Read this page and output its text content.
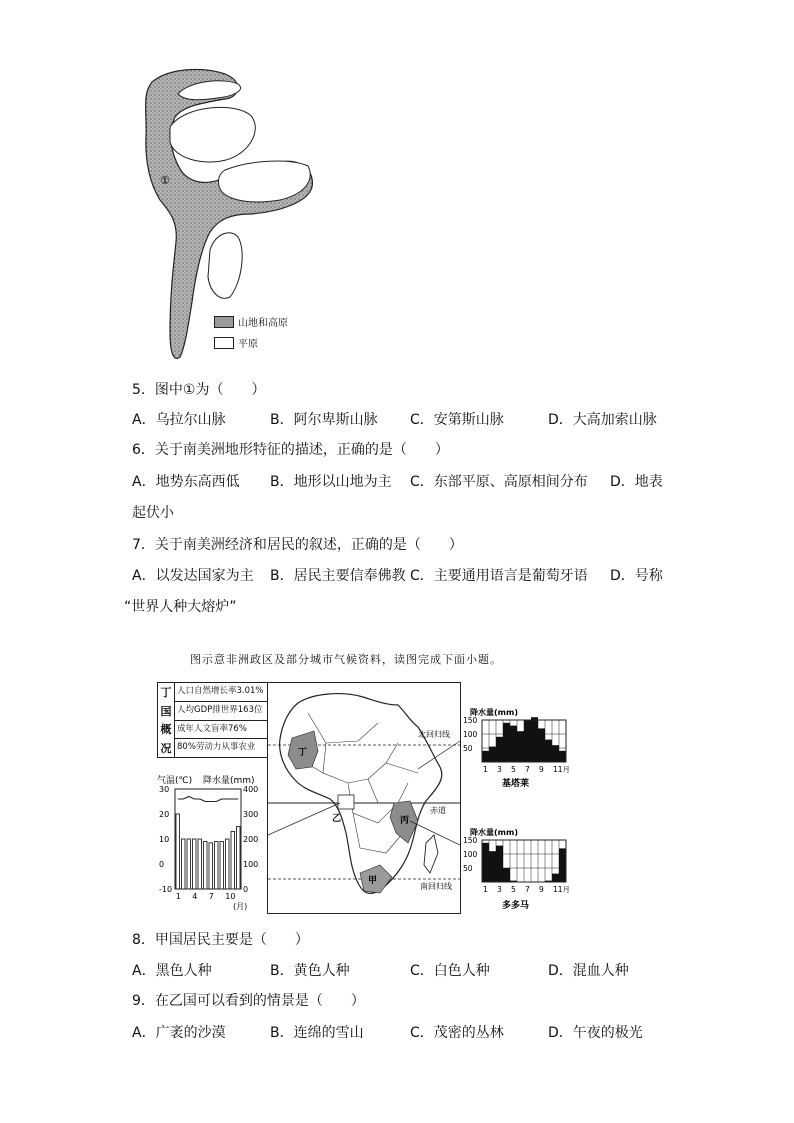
①
山地和高原
平原
5．图中①为（　　）
A．乌拉尔山脉	B．阿尔卑斯山脉 C．安第斯山脉	D．大高加索山脉
6．关于南美洲地形特征的描述，正确的是（　　）
A．地势东高西低 B．地形以山地为主 C．东部平原、高原相间分布 D．地表
起伏小
7．关于南美洲经济和居民的叙述，正确的是（　　）
A．以发达国家为主 B．居民主要信奉佛教 C．主要通用语言是葡萄牙语 D．号称
“世界人种大熔炉”
图示意非洲政区及部分城市气候资料，读图完成下面小题。
丁
国
概
况
人口自然增长率3.01%
人均GDP排世界163位
成年人文盲率76%
80%劳动力从事农业
气温(℃) 降水量(mm)
30
20
10
0
-10
400
300
200
100
0
1 4 7 10
(月)
北回归线
赤道
南回归线
丁
乙	丙
甲
降水量(mm)
150
100
50
1 3 5 7 9 11月
基塔莱
降水量(mm)
150
100
50
1 3 5 7 9 11月
多多马
8．甲国居民主要是（　　）
A．黑色人种	B．黄色人种	C．白色人种	D．混血人种
9．在乙国可以看到的情景是（　　）
A．广袤的沙漠	B．连绵的雪山	C．茂密的丛林	D．午夜的极光
